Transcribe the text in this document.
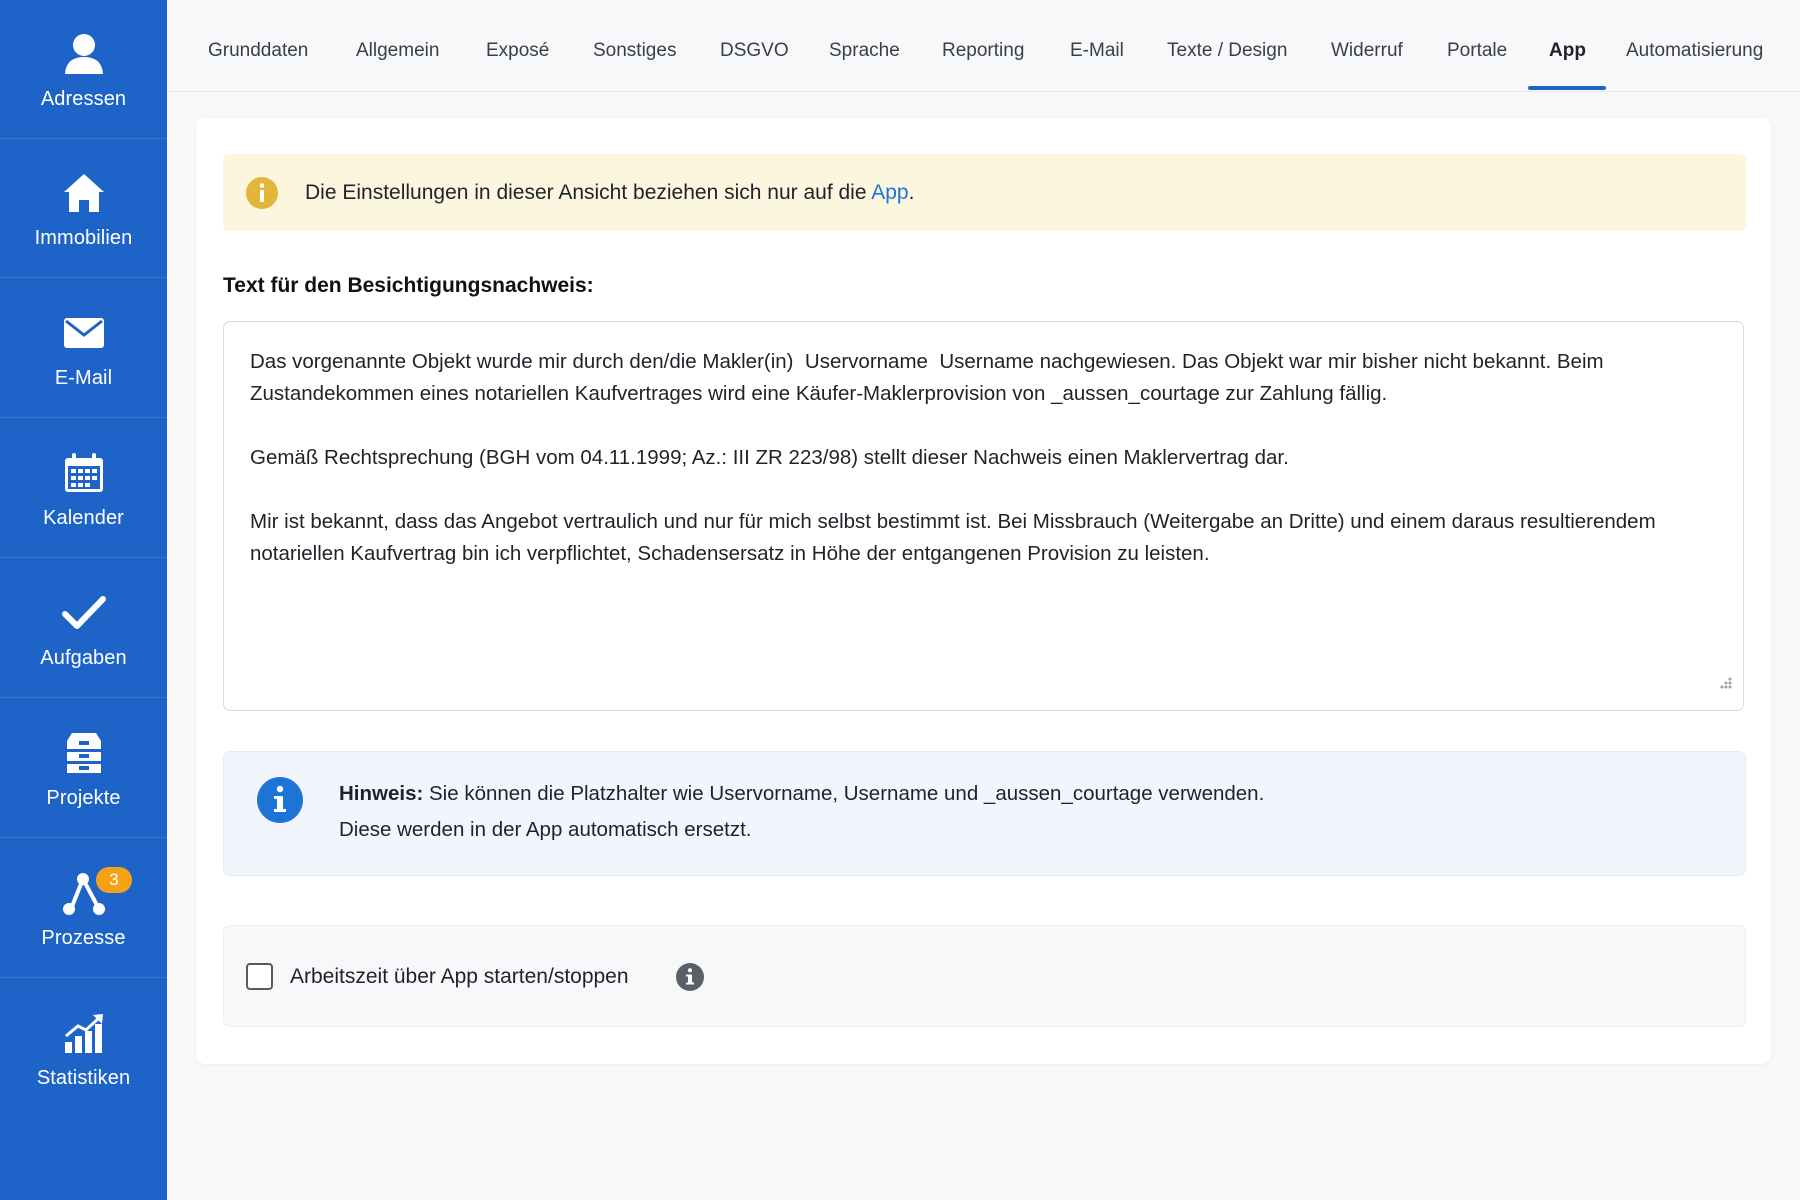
Adressen
Immobilien
E-Mail
Kalender
Aufgaben
Projekte
3
Prozesse
Statistiken
Grunddaten	Allgemein Exposé Sonstiges DSGVO Sprache Reporting E-Mail Texte / Design Widerruf Portale App Automatisierung
Die Einstellungen in dieser Ansicht beziehen sich nur auf die App.
Text für den Besichtigungsnachweis:

Das vorgenannte Objekt wurde mir durch den/die Makler(in)  Uservorname  Username nachgewiesen. Das Objekt war mir bisher nicht bekannt. Beim Zustandekommen eines notariellen Kaufvertrages wird eine Käufer-Maklerprovision von _aussen_courtage zur Zahlung fällig.

Gemäß Rechtsprechung (BGH vom 04.11.1999; Az.: III ZR 223/98) stellt dieser Nachweis einen Maklervertrag dar.

Mir ist bekannt, dass das Angebot vertraulich und nur für mich selbst bestimmt ist. Bei Missbrauch (Weitergabe an Dritte) und einem daraus resultierendem notariellen Kaufvertrag bin ich verpflichtet, Schadensersatz in Höhe der entgangenen Provision zu leisten.

Hinweis: Sie können die Platzhalter wie Uservorname, Username und _aussen_courtage verwenden.
Diese werden in der App automatisch ersetzt.
Arbeitszeit über App starten/stoppen
